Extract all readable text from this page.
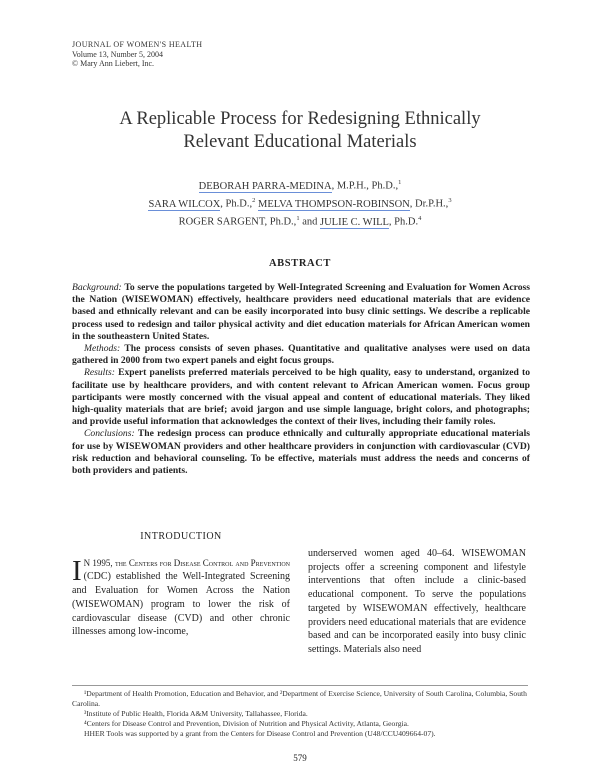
JOURNAL OF WOMEN'S HEALTH
Volume 13, Number 5, 2004
© Mary Ann Liebert, Inc.
A Replicable Process for Redesigning Ethnically
Relevant Educational Materials
DEBORAH PARRA-MEDINA, M.P.H., Ph.D.,$^1$
SARA WILCOX, Ph.D.,$^2$ MELVA THOMPSON-ROBINSON, Dr.P.H.,$^3$
ROGER SARGENT, Ph.D.,$^1$ and JULIE C. WILL, Ph.D.$^4$
ABSTRACT

Background: To serve the populations targeted by Well-Integrated Screening and Evaluation for Women Across the Nation (WISEWOMAN) effectively, healthcare providers need educational materials that are evidence based and ethnically relevant and can be easily incorporated into busy clinic settings. We describe a replicable process used to redesign and tailor physical activity and diet education materials for African American women in the southeastern United States.

Methods: The process consists of seven phases. Quantitative and qualitative analyses were used on data gathered in 2000 from two expert panels and eight focus groups.

Results: Expert panelists preferred materials perceived to be high quality, easy to understand, organized to facilitate use by healthcare providers, and with content relevant to African American women. Focus group participants were mostly concerned with the visual appeal and content of educational materials. They liked high-quality materials that are brief; avoid jargon and use simple language, bright colors, and photographs; and provide useful information that acknowledges the context of their lives, including their family roles.

Conclusions: The redesign process can produce ethnically and culturally appropriate educational materials for use by WISEWOMAN providers and other healthcare providers in conjunction with cardiovascular (CVD) risk reduction and behavioral counseling. To be effective, materials must address the needs and concerns of both providers and patients.

INTRODUCTION
I N 1995, the Centers for Disease Control and Prevention (CDC) established the Well-Integrated Screening and Evaluation for Women Across the Nation (WISEWOMAN) program to lower the risk of cardiovascular disease (CVD) and other chronic illnesses among low-income,
underserved women aged 40–64. WISEWOMAN projects offer a screening component and lifestyle interventions that often include a clinic-based educational component. To serve the populations targeted by WISEWOMAN effectively, healthcare providers need educational materials that are evidence based and can be incorporated easily into busy clinic settings. Materials also need

¹Department of Health Promotion, Education and Behavior, and ²Department of Exercise Science, University of South Carolina, Columbia, South Carolina.

³Institute of Public Health, Florida A&M University, Tallahassee, Florida.

⁴Centers for Disease Control and Prevention, Division of Nutrition and Physical Activity, Atlanta, Georgia.

HHER Tools was supported by a grant from the Centers for Disease Control and Prevention (U48/CCU409664-07).

579
